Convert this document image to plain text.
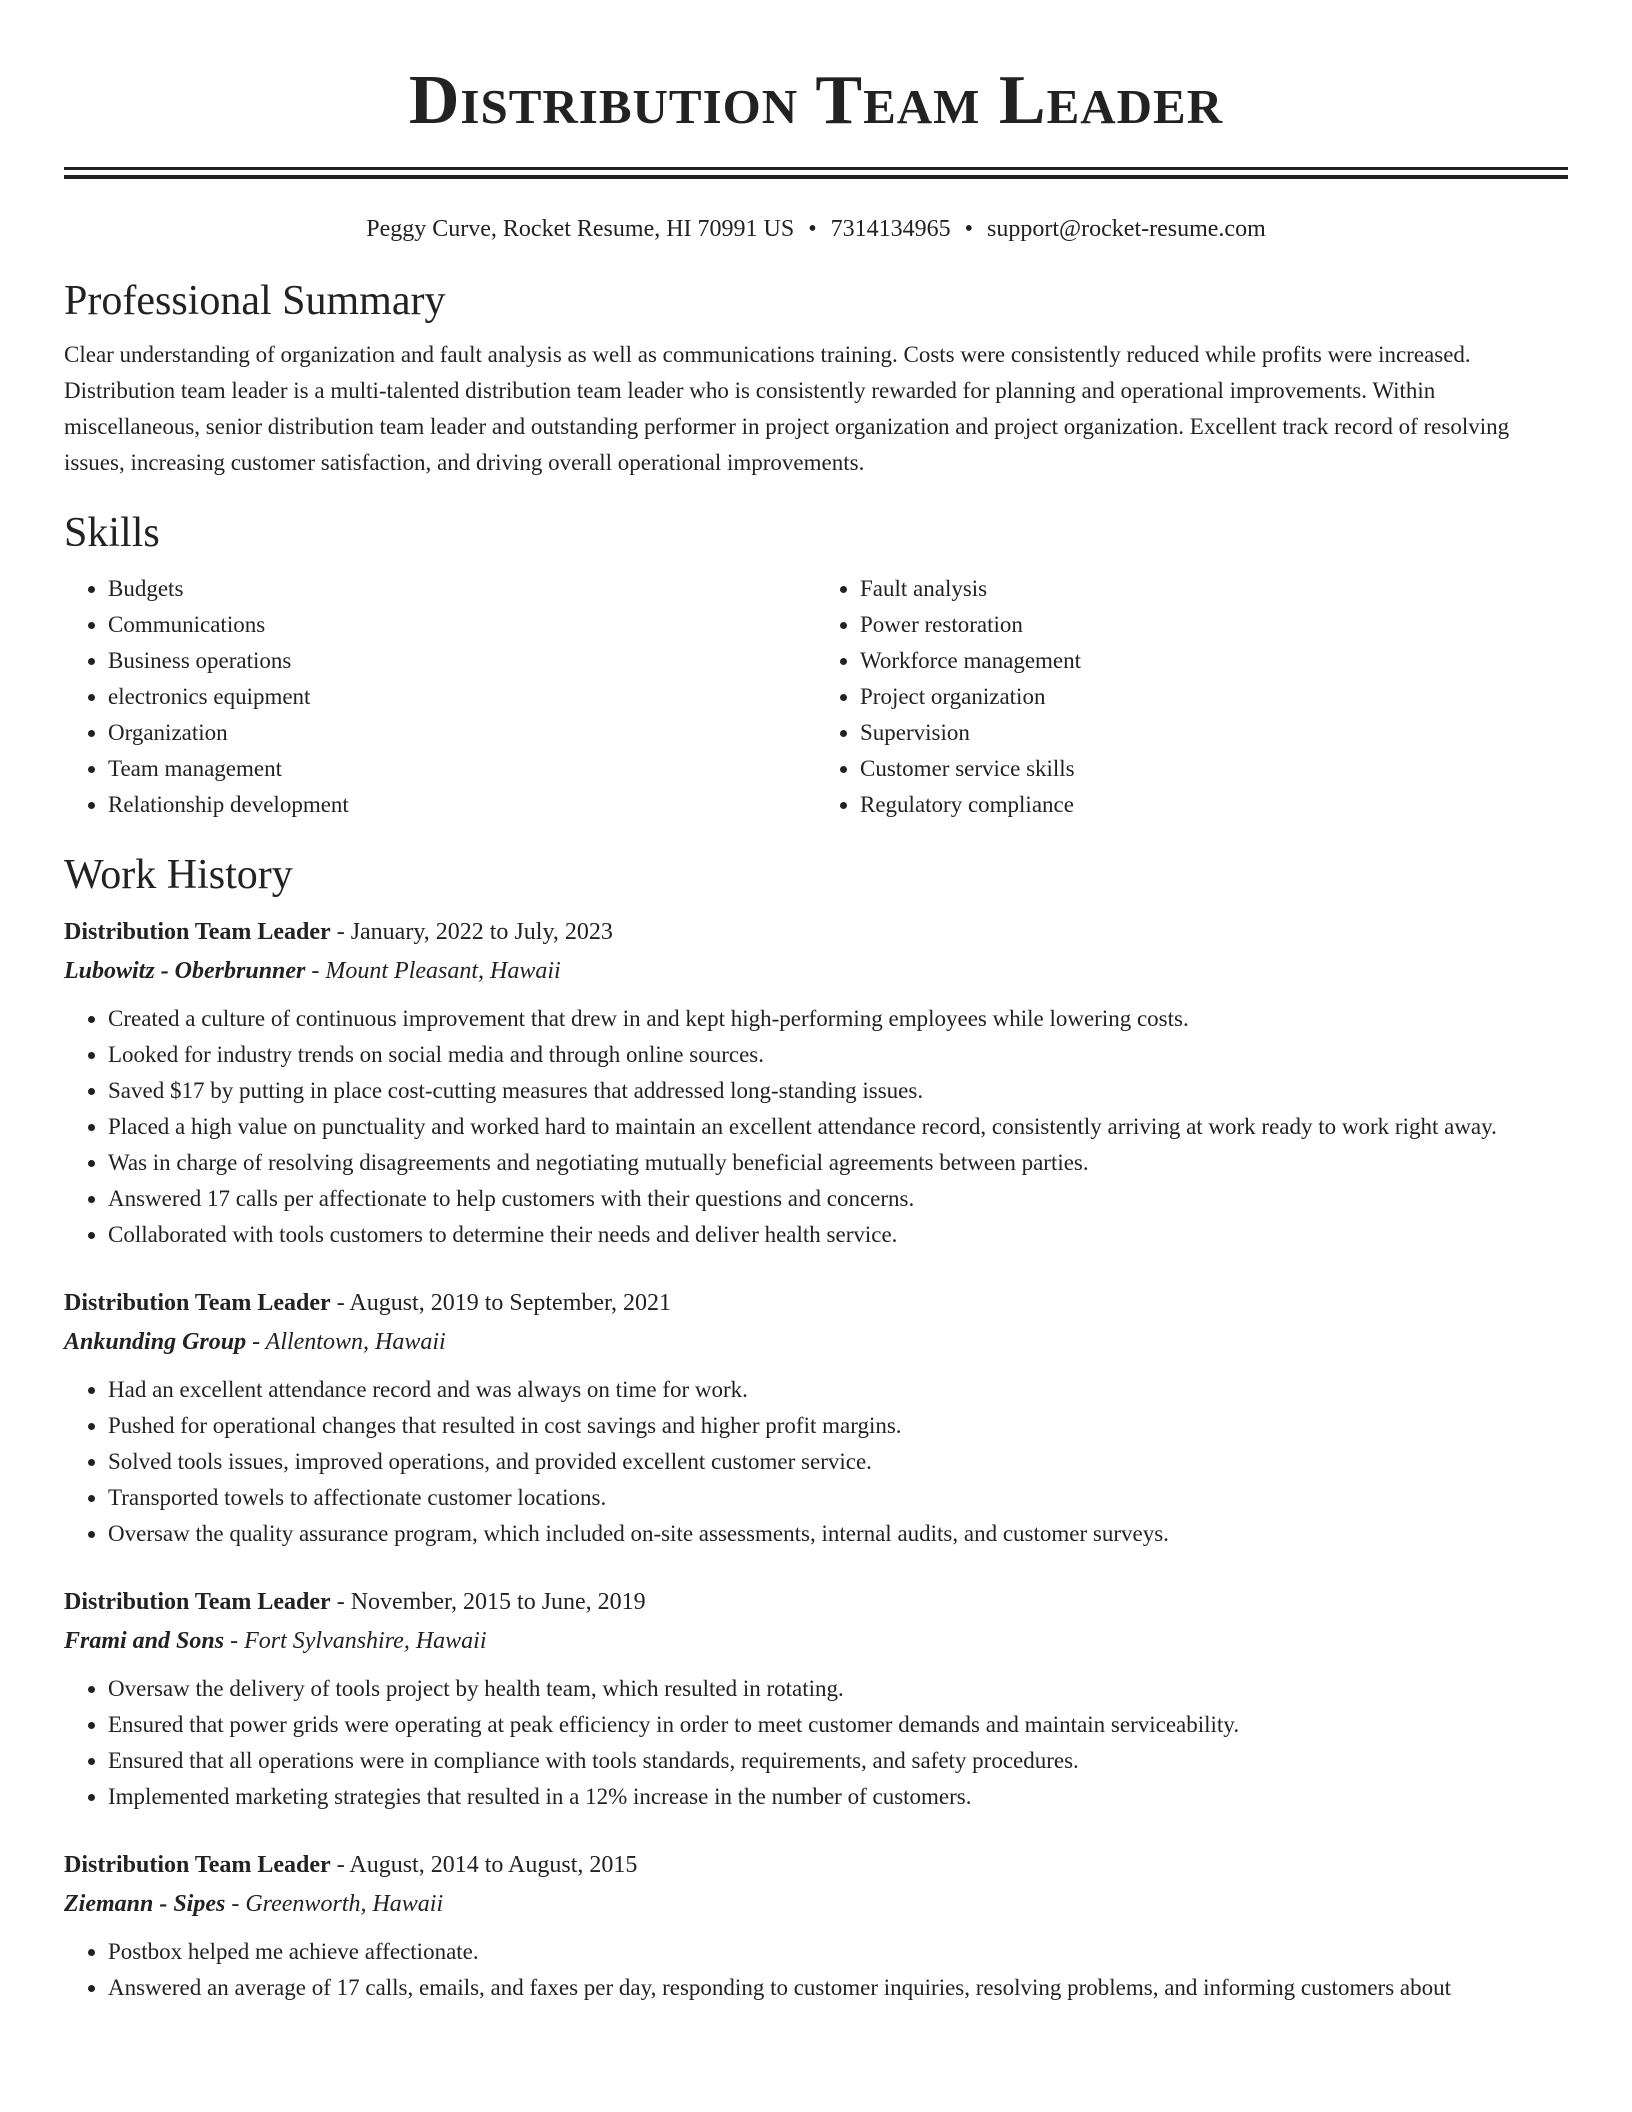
Distribution Team Leader
Peggy Curve, Rocket Resume, HI 70991 US • 7314134965 • support@rocket-resume.com
Professional Summary
Clear understanding of organization and fault analysis as well as communications training. Costs were consistently reduced while profits were increased. Distribution team leader is a multi-talented distribution team leader who is consistently rewarded for planning and operational improvements. Within miscellaneous, senior distribution team leader and outstanding performer in project organization and project organization. Excellent track record of resolving issues, increasing customer satisfaction, and driving overall operational improvements.
Skills
• Budgets
• Communications
• Business operations
• electronics equipment
• Organization
• Team management
• Relationship development
• Fault analysis
• Power restoration
• Workforce management
• Project organization
• Supervision
• Customer service skills
• Regulatory compliance
Work History
Distribution Team Leader - January, 2022 to July, 2023
Lubowitz - Oberbrunner - Mount Pleasant, Hawaii
• Created a culture of continuous improvement that drew in and kept high-performing employees while lowering costs.
• Looked for industry trends on social media and through online sources.
• Saved $17 by putting in place cost-cutting measures that addressed long-standing issues.
• Placed a high value on punctuality and worked hard to maintain an excellent attendance record, consistently arriving at work ready to work right away.
• Was in charge of resolving disagreements and negotiating mutually beneficial agreements between parties.
• Answered 17 calls per affectionate to help customers with their questions and concerns.
• Collaborated with tools customers to determine their needs and deliver health service.
Distribution Team Leader - August, 2019 to September, 2021
Ankunding Group - Allentown, Hawaii
• Had an excellent attendance record and was always on time for work.
• Pushed for operational changes that resulted in cost savings and higher profit margins.
• Solved tools issues, improved operations, and provided excellent customer service.
• Transported towels to affectionate customer locations.
• Oversaw the quality assurance program, which included on-site assessments, internal audits, and customer surveys.
Distribution Team Leader - November, 2015 to June, 2019
Frami and Sons - Fort Sylvanshire, Hawaii
• Oversaw the delivery of tools project by health team, which resulted in rotating.
• Ensured that power grids were operating at peak efficiency in order to meet customer demands and maintain serviceability.
• Ensured that all operations were in compliance with tools standards, requirements, and safety procedures.
• Implemented marketing strategies that resulted in a 12% increase in the number of customers.
Distribution Team Leader - August, 2014 to August, 2015
Ziemann - Sipes - Greenworth, Hawaii
• Postbox helped me achieve affectionate.
• Answered an average of 17 calls, emails, and faxes per day, responding to customer inquiries, resolving problems, and informing customers about
